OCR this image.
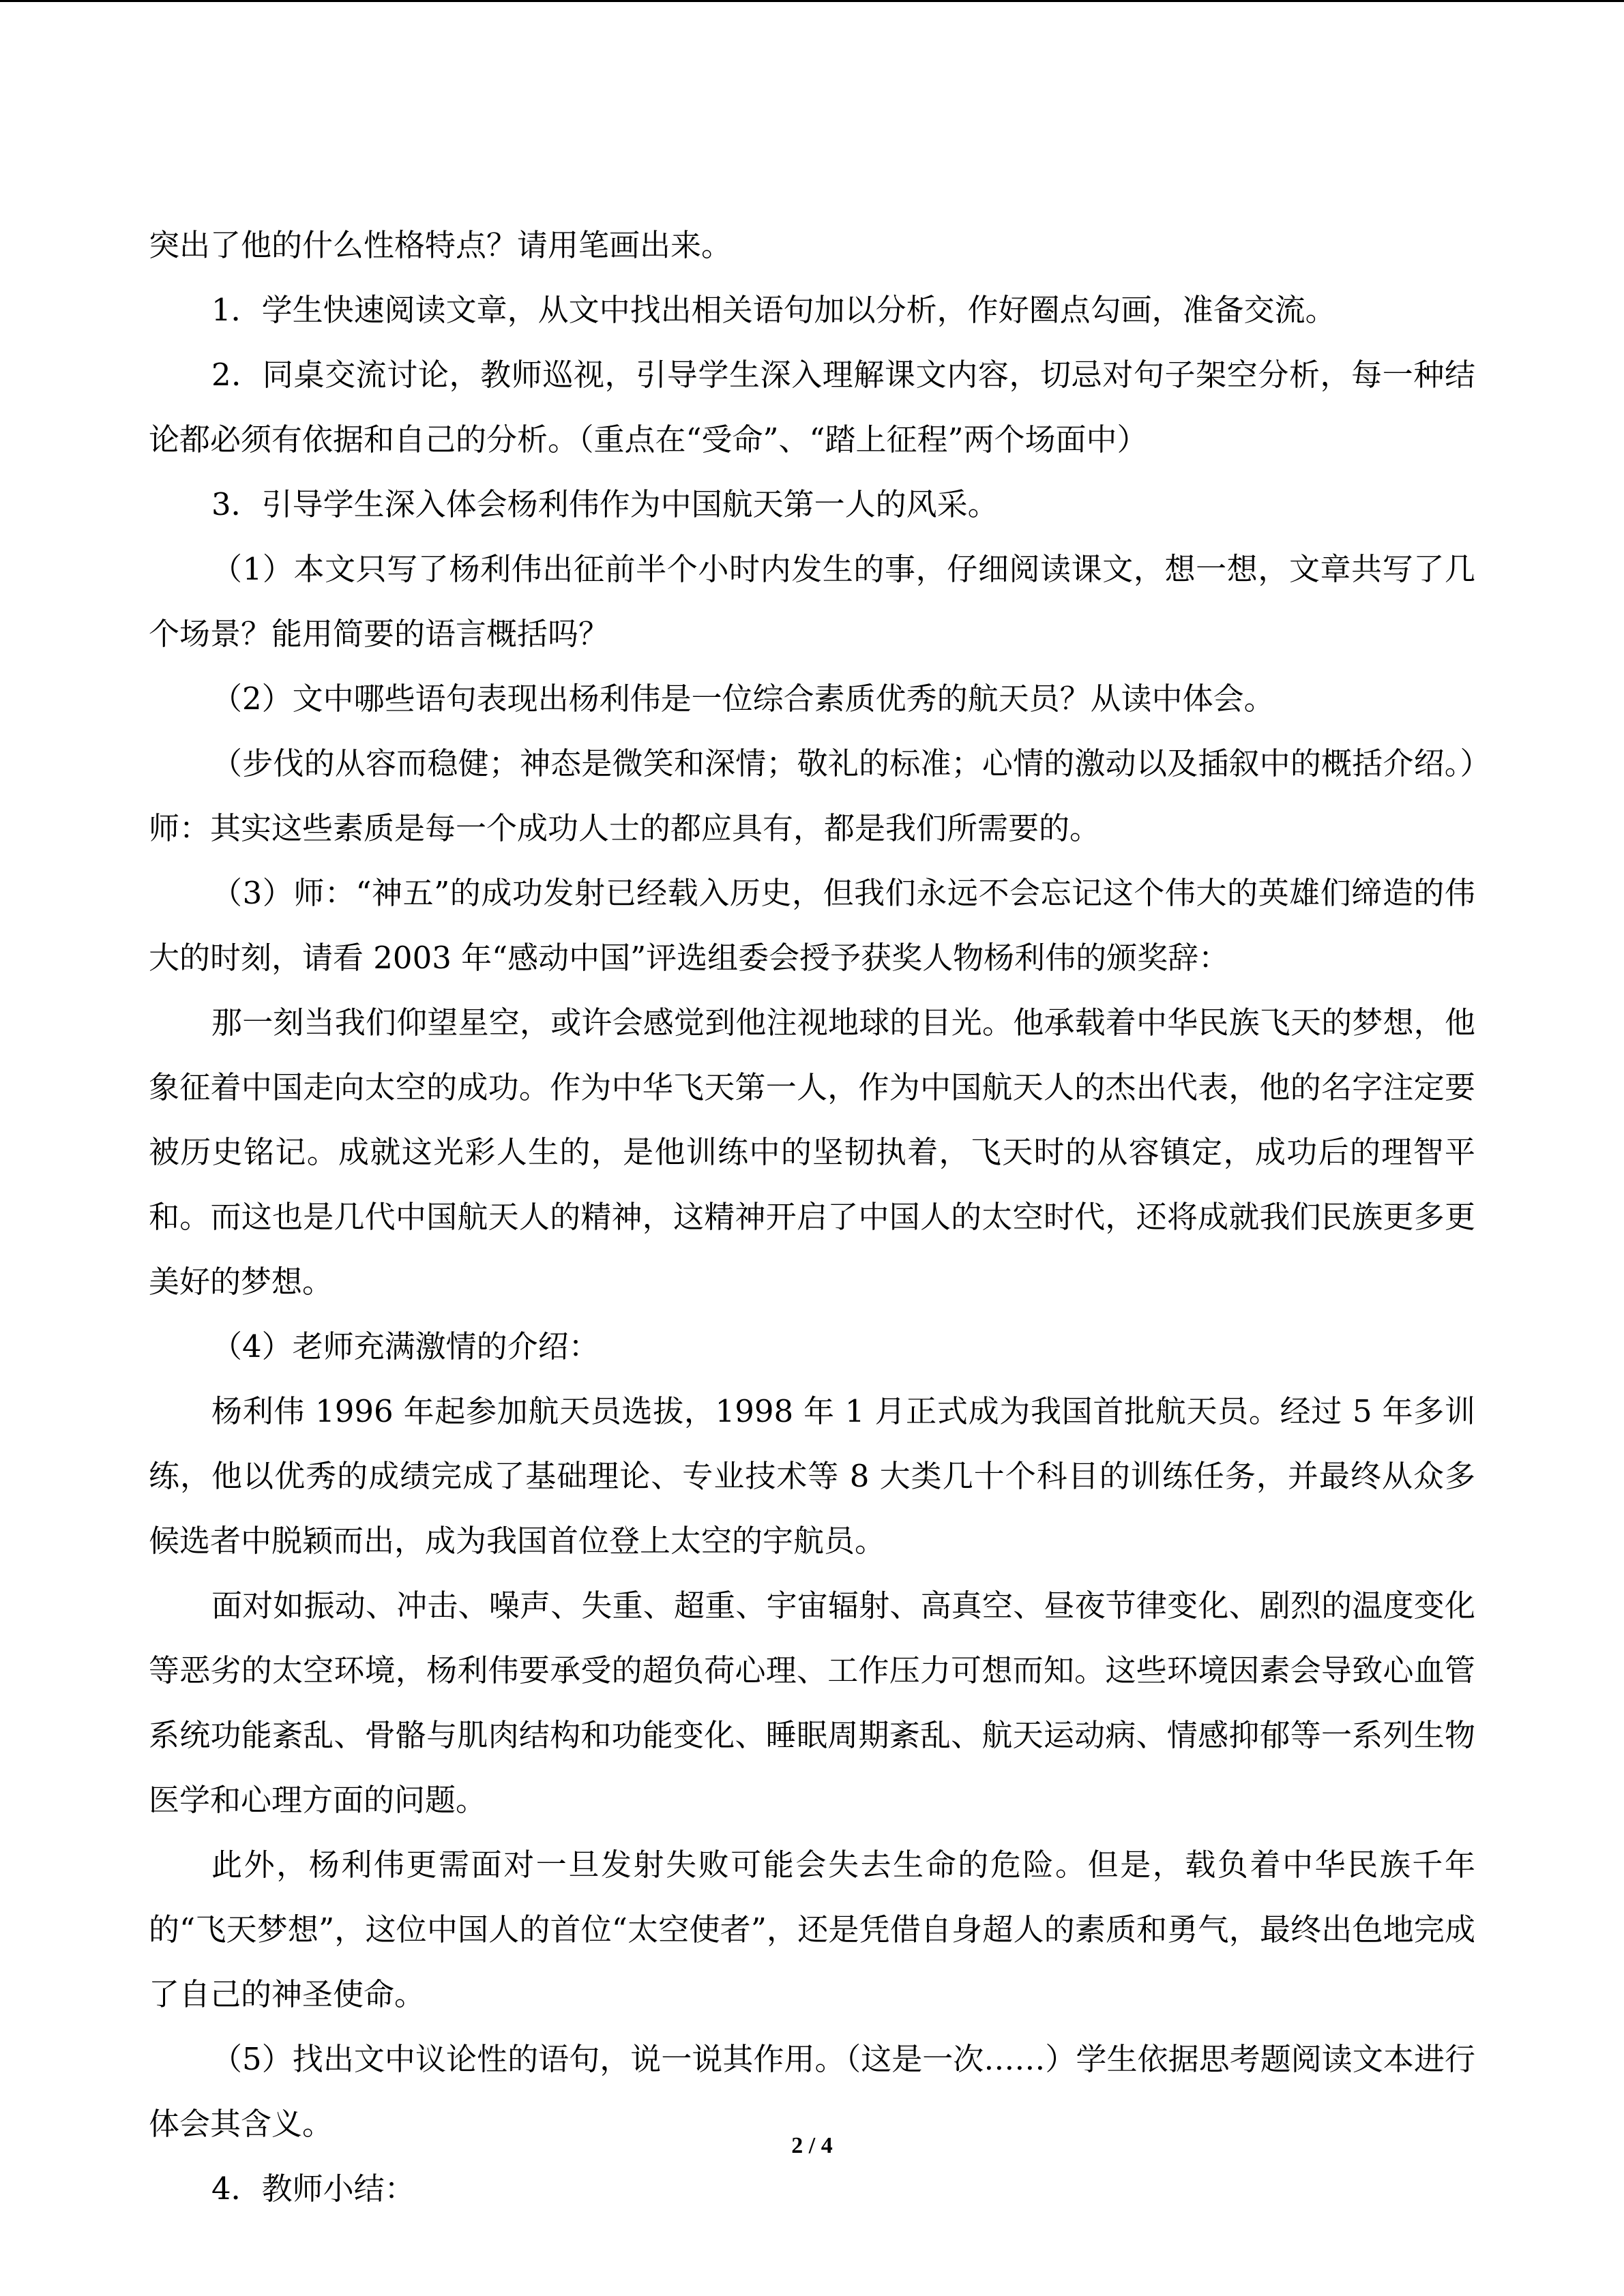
突出了他的什么性格特点？请用笔画出来。

1．学生快速阅读文章，从文中找出相关语句加以分析，作好圈点勾画，准备交流。

2．同桌交流讨论，教师巡视，引导学生深入理解课文内容，切忌对句子架空分析，每一种结论都必须有依据和自己的分析。（重点在“受命”、“踏上征程”两个场面中）

3．引导学生深入体会杨利伟作为中国航天第一人的风采。

（1）本文只写了杨利伟出征前半个小时内发生的事，仔细阅读课文，想一想，文章共写了几个场景？能用简要的语言概括吗？

（2）文中哪些语句表现出杨利伟是一位综合素质优秀的航天员？从读中体会。

（步伐的从容而稳健；神态是微笑和深情；敬礼的标准；心情的激动以及插叙中的概括介绍。）师：其实这些素质是每一个成功人士的都应具有，都是我们所需要的。

（3）师：“神五”的成功发射已经载入历史，但我们永远不会忘记这个伟大的英雄们缔造的伟大的时刻，请看 2003 年“感动中国”评选组委会授予获奖人物杨利伟的颁奖辞：

那一刻当我们仰望星空，或许会感觉到他注视地球的目光。他承载着中华民族飞天的梦想，他象征着中国走向太空的成功。作为中华飞天第一人，作为中国航天人的杰出代表，他的名字注定要被历史铭记。成就这光彩人生的，是他训练中的坚韧执着，飞天时的从容镇定，成功后的理智平和。而这也是几代中国航天人的精神，这精神开启了中国人的太空时代，还将成就我们民族更多更美好的梦想。

（4）老师充满激情的介绍：

杨利伟 1996 年起参加航天员选拔，1998 年 1 月正式成为我国首批航天员。经过 5 年多训练，他以优秀的成绩完成了基础理论、专业技术等 8 大类几十个科目的训练任务，并最终从众多候选者中脱颖而出，成为我国首位登上太空的宇航员。

面对如振动、冲击、噪声、失重、超重、宇宙辐射、高真空、昼夜节律变化、剧烈的温度变化等恶劣的太空环境，杨利伟要承受的超负荷心理、工作压力可想而知。这些环境因素会导致心血管系统功能紊乱、骨骼与肌肉结构和功能变化、睡眠周期紊乱、航天运动病、情感抑郁等一系列生物医学和心理方面的问题。

此外，杨利伟更需面对一旦发射失败可能会失去生命的危险。但是，载负着中华民族千年的“飞天梦想”，这位中国人的首位“太空使者”，还是凭借自身超人的素质和勇气，最终出色地完成了自己的神圣使命。

（5）找出文中议论性的语句，说一说其作用。（这是一次……）学生依据思考题阅读文本进行体会其含义。

4．教师小结：

2 / 4
